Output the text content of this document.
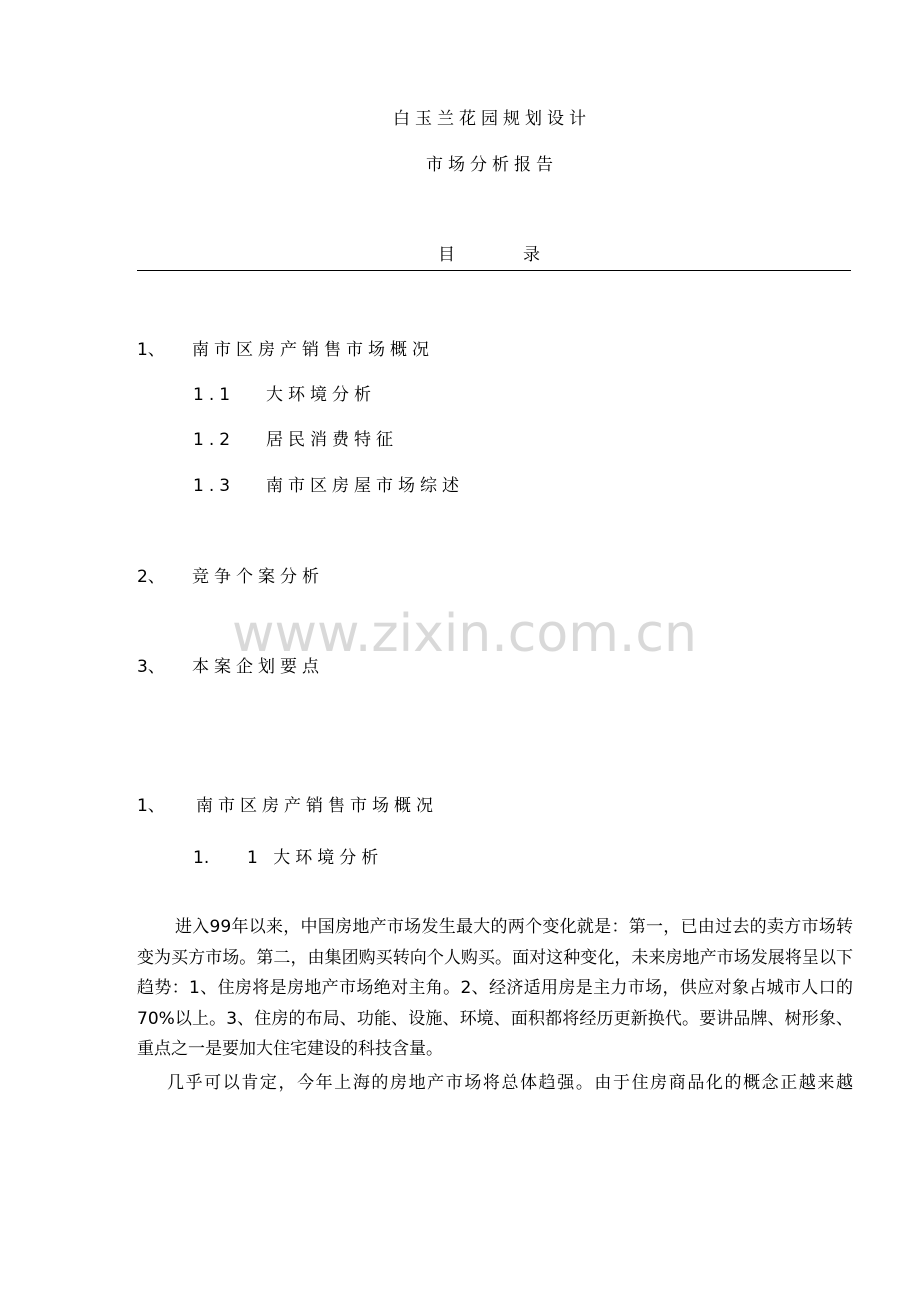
白玉兰花园规划设计
市场分析报告
目	录
1、 南市区房产销售市场概况
1.1 大环境分析
1.2 居民消费特征
1.3 南市区房屋市场综述
2、 竞争个案分析
3、 本案企划要点
www.zixin.com.cn
1、 南市区房产销售市场概况
1. 1 大环境分析

进入99年以来，中国房地产市场发生最大的两个变化就是：第一，已由过去的卖方市场转变为买方市场。第二，由集团购买转向个人购买。面对这种变化，未来房地产市场发展将呈以下趋势：1、住房将是房地产市场绝对主角。2、经济适用房是主力市场，供应对象占城市人口的70%以上。3、住房的布局、功能、设施、环境、面积都将经历更新换代。要讲品牌、树形象、重点之一是要加大住宅建设的科技含量。

几乎可以肯定，今年上海的房地产市场将总体趋强。由于住房商品化的概念正越来越
